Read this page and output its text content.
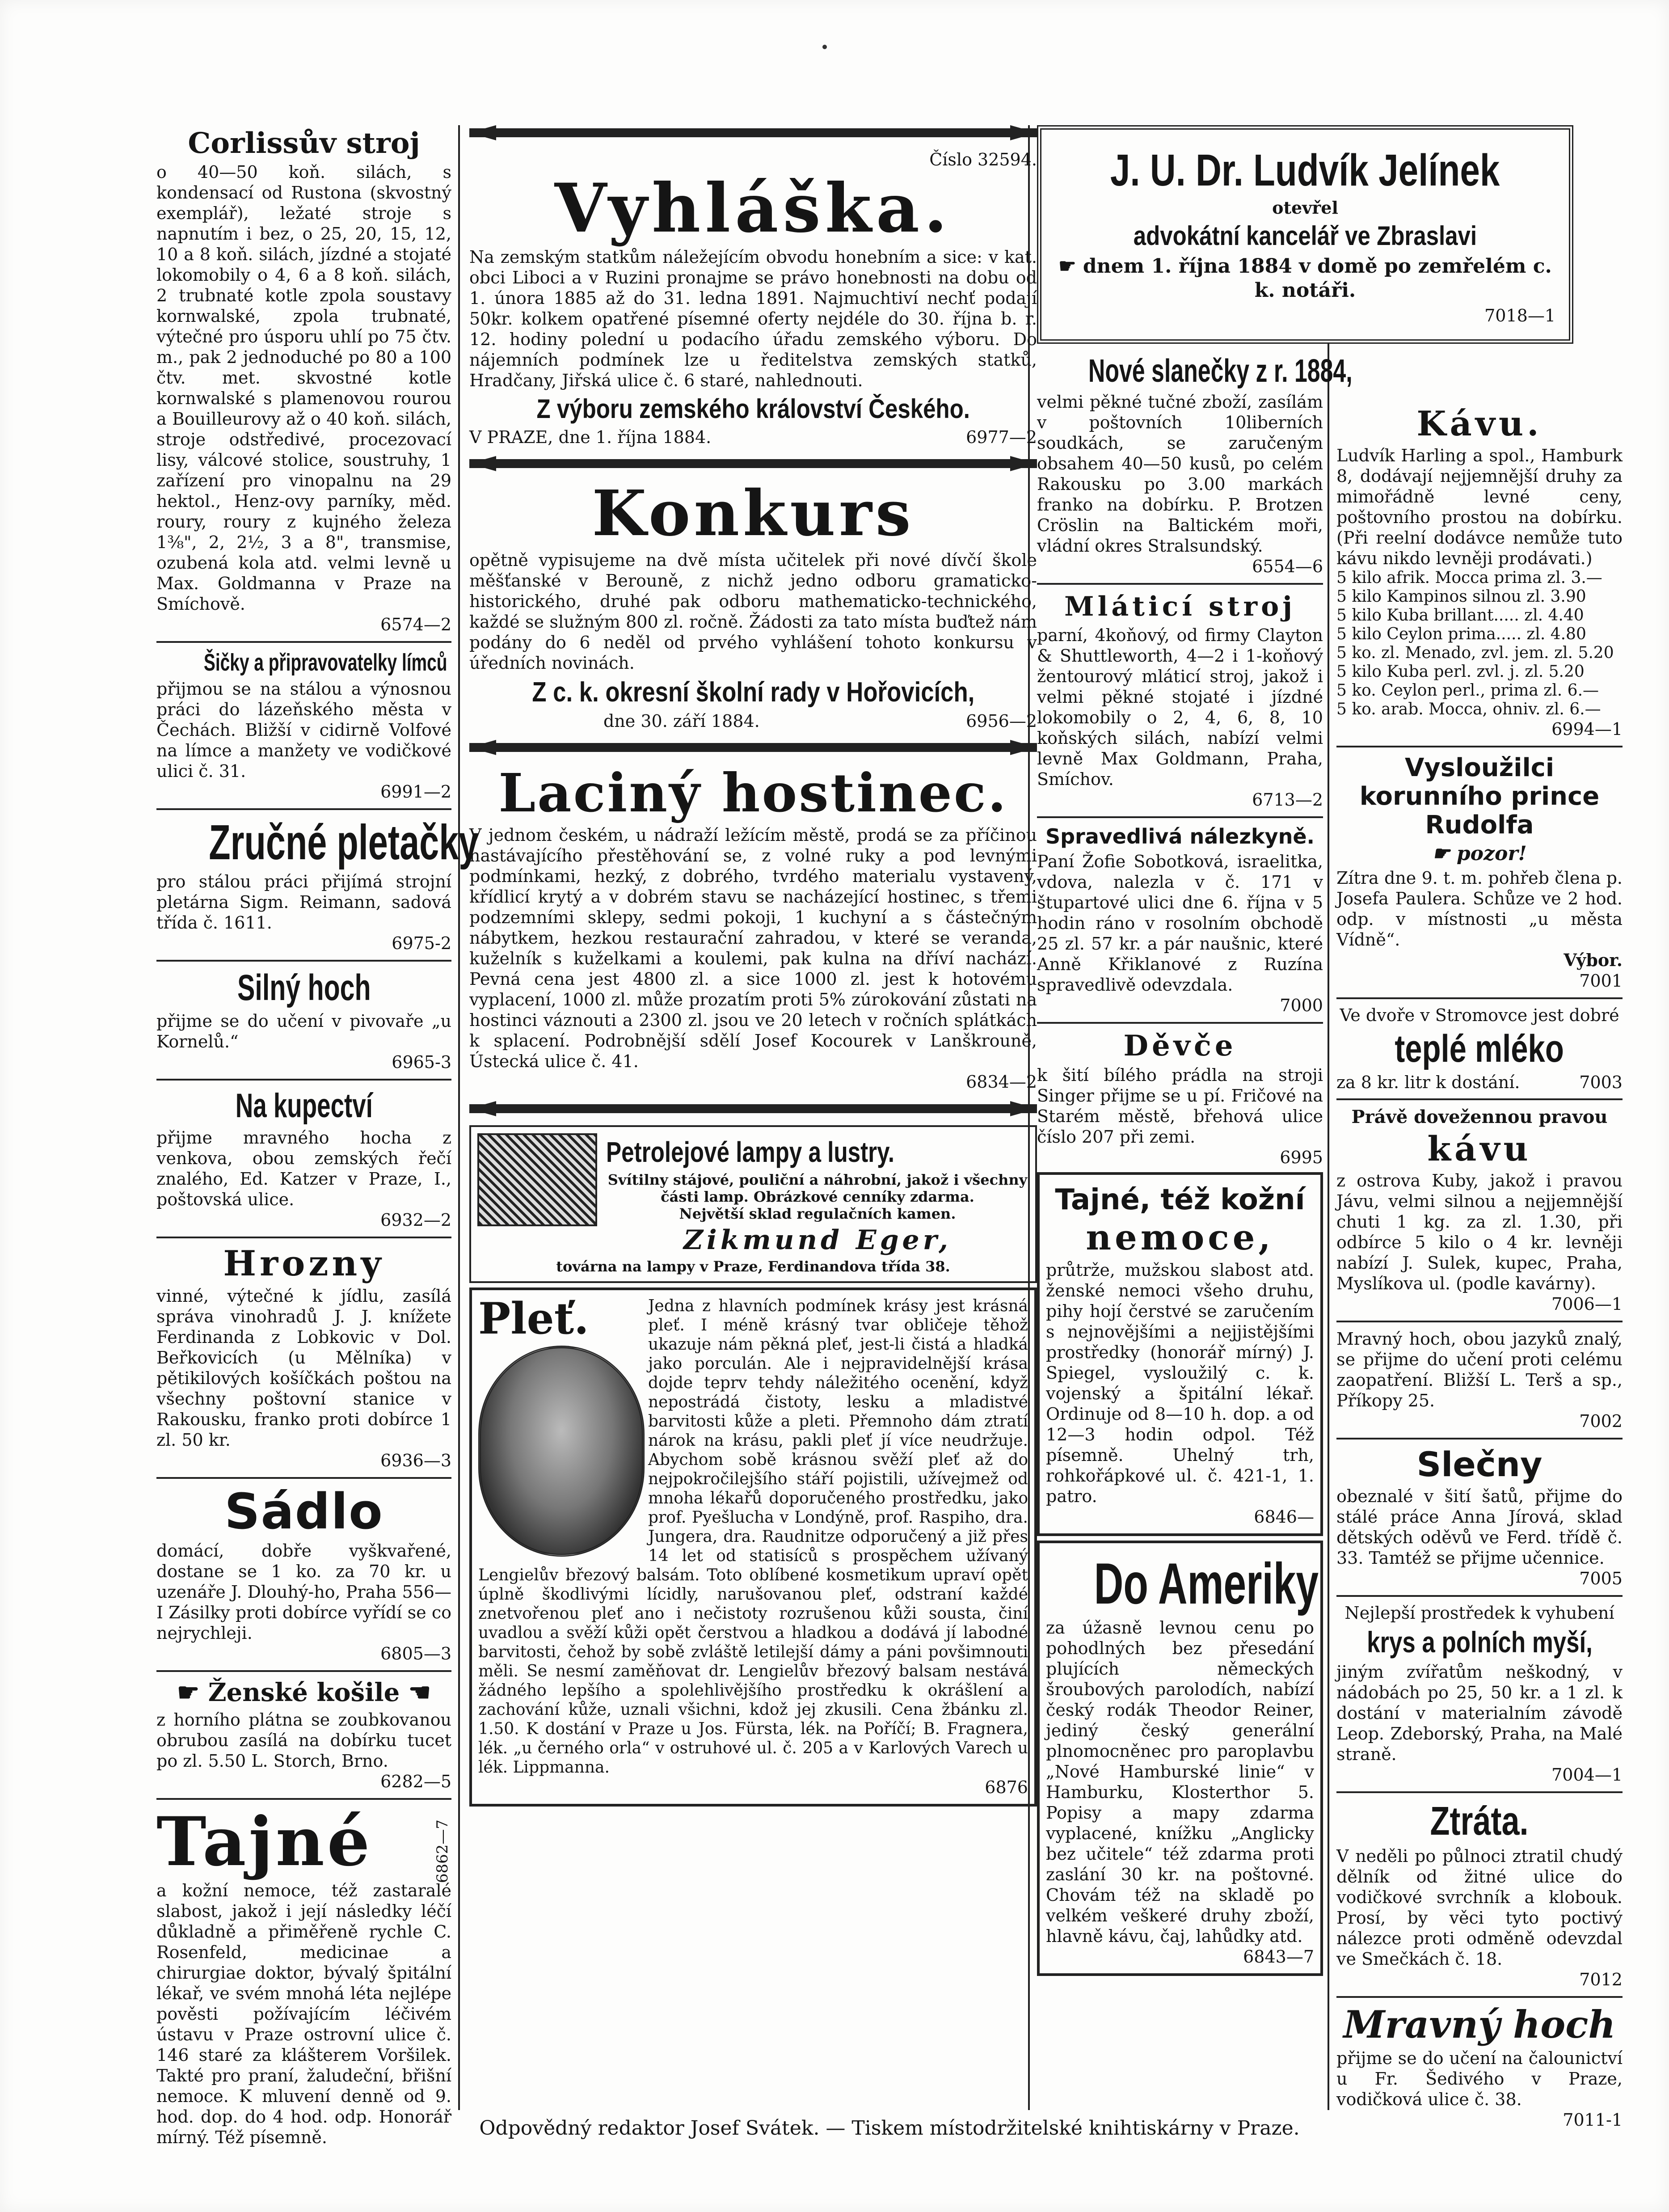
Corlissův stroj

o 40—50 koň. silách, s kondensací od Rustona (skvostný exemplář), ležaté stroje s napnutím i bez, o 25, 20, 15, 12, 10 a 8 koň. silách, jízdné a stojaté lokomobily o 4, 6 a 8 koň. silách, 2 trubnaté kotle zpola soustavy kornwalské, zpola trubnaté, výtečné pro úsporu uhlí po 75 čtv. m., pak 2 jednoduché po 80 a 100 čtv. met. skvostné kotle kornwalské s plamenovou rourou a Bouilleurovy až o 40 koň. silách, stroje odstředivé, procezovací lisy, válcové stolice, soustruhy, 1 zařízení pro vinopalnu na 29 hektol., Henz-ovy parníky, měd. roury, roury z kujného železa 1⅜", 2, 2½, 3 a 8", transmise, ozubená kola atd. velmi levně u Max. Goldmanna v Praze na Smíchově.

6574—2
Šičky a připravovatelky límců

přijmou se na stálou a výnosnou práci do lázeňského města v Čechách. Bližší v cidirně Volfové na límce a manžety ve vodičkové ulici č. 31.

6991—2
Zručné pletačky

pro stálou práci přijímá strojní pletárna Sigm. Reimann, sadová třída č. 1611.

6975-2
Silný hoch

přijme se do učení v pivovaře „u Kornelů.“

6965-3
Na kupectví

přijme mravného hocha z venkova, obou zemských řečí znalého, Ed. Katzer v Praze, I., poštovská ulice.

6932—2
Hrozny

vinné, výtečné k jídlu, zasílá správa vinohradů J. J. knížete Ferdinanda z Lobkovic v Dol. Beřkovicích (u Mělníka) v pětikilových košíčkách poštou na všechny poštovní stanice v Rakousku, franko proti dobírce 1 zl. 50 kr.

6936—3
Sádlo

domácí, dobře vyškvařené, dostane se 1 ko. za 70 kr. u uzenáře J. Dlouhý-ho, Praha 556—I Zásilky proti dobírce vyřídí se co nejrychleji.

6805—3
☛ Ženské košile ☚

z horního plátna se zoubkovanou obrubou zasílá na dobírku tucet po zl. 5.50 L. Storch, Brno.

6282—5
Tajné	6862—7

a kožní nemoce, též zastaralé slabost, jakož i její následky léčí důkladně a přiměřeně rychle C. Rosenfeld, medicinae a chirurgiae doktor, bývalý špitální lékař, ve svém mnohá léta nejlépe pověsti požívajícím léčivém ústavu v Praze ostrovní ulice č. 146 staré za klášterem Voršilek. Takté pro praní, žaludeční, břišní nemoce. K mluvení denně od 9. hod. dop. do 4 hod. odp. Honorář mírný. Též písemně.

Číslo 32594.
Vyhláška.

Na zemským statkům náležejícím obvodu honebním a sice: v kat. obci Liboci a v Ruzini pronajme se právo honebnosti na dobu od 1. února 1885 až do 31. ledna 1891. Najmuchtiví nechť podají 50kr. kolkem opatřené písemné oferty nejdéle do 30. října b. r. 12. hodiny polední u podacího úřadu zemského výboru. Do nájemních podmínek lze u ředitelstva zemských statků, Hradčany, Jiřská ulice č. 6 staré, nahlednouti.

Z výboru zemského království Českého.
V PRAZE, dne 1. října 1884.	6977—2
Konkurs

opětně vypisujeme na dvě místa učitelek při nové dívčí škole měšťanské v Berouně, z nichž jedno odboru gramaticko-historického, druhé pak odboru mathematicko-technického, každé se služným 800 zl. ročně. Žádosti za tato místa buďtež nám podány do 6 neděl od prvého vyhlášení tohoto konkursu v úředních novinách.

Z c. k. okresní školní rady v Hořovicích,
dne 30. září 1884.	6956—2
Laciný hostinec.

V jednom českém, u nádraží ležícím městě, prodá se za příčinou nastávajícího přestěhování se, z volné ruky a pod levnými podmínkami, hezký, z dobrého, tvrdého materialu vystavený, křídlicí krytý a v dobrém stavu se nacházející hostinec, s třemi podzemními sklepy, sedmi pokoji, 1 kuchyní a s částečným nábytkem, hezkou restaurační zahradou, v které se veranda, kuželník s kuželkami a koulemi, pak kulna na dříví nachází. Pevná cena jest 4800 zl. a sice 1000 zl. jest k hotovému vyplacení, 1000 zl. může prozatím proti 5% zúrokování zůstati na hostinci váznouti a 2300 zl. jsou ve 20 letech v ročních splátkách k splacení. Podrobnější sdělí Josef Kocourek v Lanškrouně, Ústecká ulice č. 41.

6834—2
Petrolejové lampy a lustry.
Svítilny stájové, pouliční a náhrobní, jakož i všechny části lamp. Obrázkové cenníky zdarma.
Největší sklad regulačních kamen.
Zikmund Eger,
továrna na lampy v Praze, Ferdinandova třída 38.
Pleť.	Jedna z hlavních podmínek krásy jest krásná pleť. I méně krásný tvar obličeje těhož ukazuje nám pěkná pleť, jest-li čistá a hladká jako porculán. Ale i nejpravidelnější krása dojde teprv tehdy náležitého ocenění, když nepostrádá čistoty, lesku a mladistvé barvitosti kůže a pleti. Přemnoho dám ztratí nárok na krásu, pakli pleť jí více neudržuje. Abychom sobě krásnou svěží pleť až do nejpokročilejšího stáří pojistili, užívejmež od mnoha lékařů doporučeného prostředku, jako prof. Pyešlucha v Londýně, prof. Raspiho, dra. Jungera, dra. Raudnitze odporučený a již přes 14 let od statisíců s prospěchem užívaný Lengielův březový balsám. Toto oblíbené kosmetikum upraví opět úplně škodlivými lícidly, narušovanou pleť, odstraní každé znetvořenou pleť ano i nečistoty rozrušenou kůži sousta, činí uvadlou a svěží kůži opět čerstvou a hladkou a dodává jí labodné barvitosti, čehož by sobě zvláště letilejší dámy a páni povšimnouti měli. Se nesmí zaměňovat dr. Lengielův březový balsam nestává žádného lepšího a spolehlivějšího prostředku k okrášlení a zachování kůže, uznali všichni, kdož jej zkusili. Cena žbánku zl. 1.50. K dostání v Praze u Jos. Fürsta, lék. na Poříčí; B. Fragnera, lék. „u černého orla“ v ostruhové ul. č. 205 a v Karlových Varech u lék. Lippmanna.

6876
J. U. Dr. Ludvík Jelínek
otevřel
advokátní kancelář ve Zbraslavi
☛ dnem 1. října 1884 v domě po zemřelém c. k. notáři.
7018—1
Nové slanečky z r. 1884,

velmi pěkné tučné zboží, zasílám v poštovních 10liberních soudkách, se zaručeným obsahem 40—50 kusů, po celém Rakousku po 3.00 markách franko na dobírku. P. Brotzen Cröslin na Baltickém moři, vládní okres Stralsundský.

6554—6
Mláticí stroj

parní, 4koňový, od firmy Clayton & Shuttleworth, 4—2 i 1-koňový žentourový mláticí stroj, jakož i velmi pěkné stojaté i jízdné lokomobily o 2, 4, 6, 8, 10 koňských silách, nabízí velmi levně Max Goldmann, Praha, Smíchov.

6713—2
Spravedlivá nálezkyně.

Paní Žofie Sobotková, israelitka, vdova, nalezla v č. 171 v štupartové ulici dne 6. října v 5 hodin ráno v rosolním obchodě 25 zl. 57 kr. a pár naušnic, které Anně Křiklanové z Ruzína spravedlivě odevzdala.

7000
Děvče

k šití bílého prádla na stroji Singer přijme se u pí. Fričové na Starém městě, břehová ulice číslo 207 při zemi.

6995
Tajné, též kožní
nemoce,

průtrže, mužskou slabost atd. ženské nemoci všeho druhu, pihy hojí čerstvé se zaručením s nejnovějšími a nejjistějšími prostředky (honorář mírný) J. Spiegel, vysloužilý c. k. vojenský a špitální lékař. Ordinuje od 8—10 h. dop. a od 12—3 hodin odpol. Též písemně. Uhelný trh, rohkořápkové ul. č. 421-1, 1. patro.

6846—
Do Ameriky

za úžasně levnou cenu po pohodlných bez přesedání plujících německých šroubových parolodích, nabízí český rodák Theodor Reiner, jediný český generální plnomocněnec pro paroplavbu „Nové Hamburské linie“ v Hamburku, Klosterthor 5. Popisy a mapy zdarma vyplacené, knížku „Anglicky bez učitele“ též zdarma proti zaslání 30 kr. na poštovné. Chovám též na skladě po velkém veškeré druhy zboží, hlavně kávu, čaj, lahůdky atd.

6843—7
Kávu.

Ludvík Harling a spol., Hamburk 8, dodávají nejjemnější druhy za mimořádně levné ceny, poštovního prostou na dobírku. (Při reelní dodávce nemůže tuto kávu nikdo levněji prodávati.)

5 kilo afrik. Mocca prima zl. 3.—
5 kilo Kampinos silnou zl. 3.90
5 kilo Kuba brillant..... zl. 4.40
5 kilo Ceylon prima..... zl. 4.80
5 ko. zl. Menado, zvl. jem. zl. 5.20
5 kilo Kuba perl. zvl. j. zl. 5.20
5 ko. Ceylon perl., prima zl. 6.—
5 ko. arab. Mocca, ohniv. zl. 6.—
6994—1
Vysloužilci korunního prince Rudolfa
☛ pozor!

Zítra dne 9. t. m. pohřeb člena p. Josefa Paulera. Schůze ve 2 hod. odp. v místnosti „u města Vídně“.

Výbor.
7001
Ve dvoře v Stromovce jest dobré
teplé mléko
za 8 kr. litr k dostání.	7003
Právě dovežennou pravou
kávu

z ostrova Kuby, jakož i pravou Jávu, velmi silnou a nejjemnější chuti 1 kg. za zl. 1.30, při odbírce 5 kilo o 4 kr. levněji nabízí J. Sulek, kupec, Praha, Myslíkova ul. (podle kavárny).

7006—1

Mravný hoch, obou jazyků znalý, se přijme do učení proti celému zaopatření. Bližší L. Terš a sp., Příkopy 25.

7002
Slečny

obeznalé v šití šatů, přijme do stálé práce Anna Jírová, sklad dětských oděvů ve Ferd. třídě č. 33. Tamtéž se přijme učennice.

7005
Nejlepší prostředek k vyhubení
krys a polních myší,

jiným zvířatům neškodný, v nádobách po 25, 50 kr. a 1 zl. k dostání v materialním závodě Leop. Zdeborský, Praha, na Malé straně.

7004—1
Ztráta.

V neděli po půlnoci ztratil chudý dělník od žitné ulice do vodičkové svrchník a klobouk. Prosí, by věci tyto poctivý nálezce proti odměně odevzdal ve Smečkách č. 18.

7012
Mravný hoch

přijme se do učení na čalounictví u Fr. Šedivého v Praze, vodičková ulice č. 38.

7011-1
Odpovědný redaktor Josef Svátek. — Tiskem místodržitelské knihtiskárny v Praze.
